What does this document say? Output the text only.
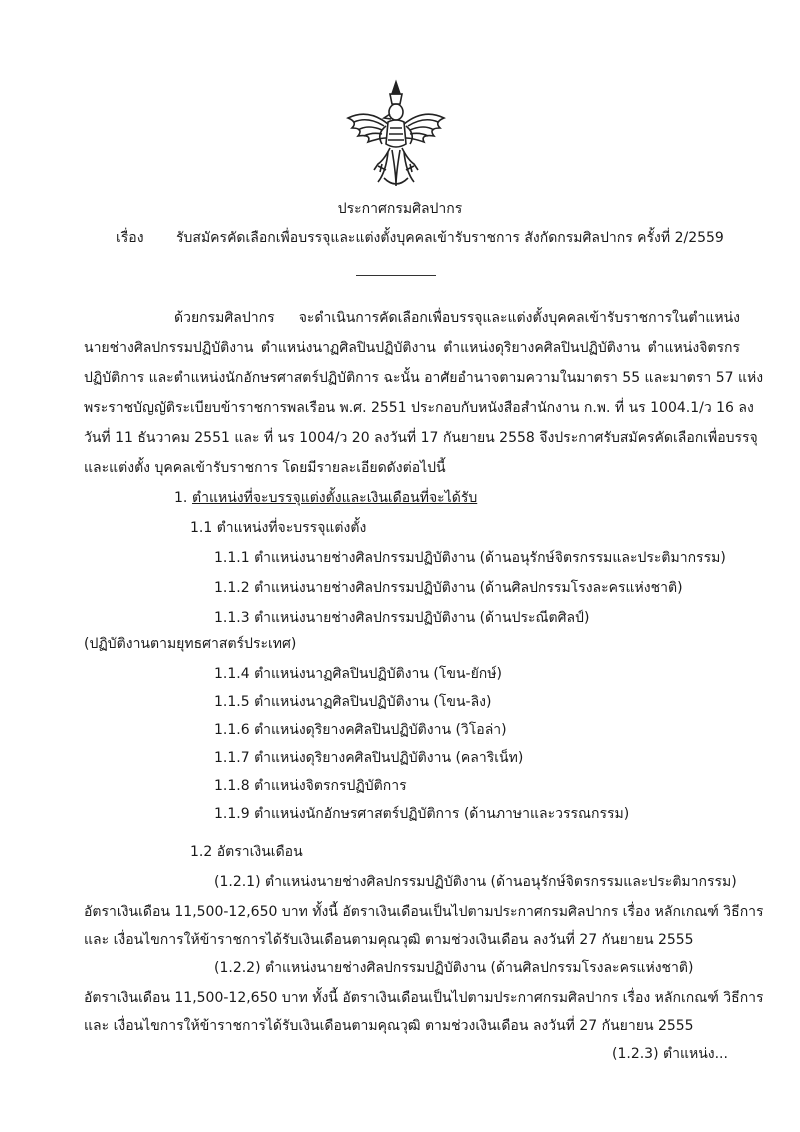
ประกาศกรมศิลปากร
เรื่อง รับสมัครคัดเลือกเพื่อบรรจุและแต่งตั้งบุคคลเข้ารับราชการ สังกัดกรมศิลปากร ครั้งที่ 2/2559
ด้วยกรมศิลปากร จะดำเนินการคัดเลือกเพื่อบรรจุและแต่งตั้งบุคคลเข้ารับราชการในตำแหน่ง
นายช่างศิลปกรรมปฏิบัติงาน ตำแหน่งนาฏศิลปินปฏิบัติงาน ตำแหน่งดุริยางคศิลปินปฏิบัติงาน ตำแหน่งจิตรกร
ปฏิบัติการ และตำแหน่งนักอักษรศาสตร์ปฏิบัติการ ฉะนั้น อาศัยอำนาจตามความในมาตรา 55 และมาตรา 57 แห่ง
พระราชบัญญัติระเบียบข้าราชการพลเรือน พ.ศ. 2551 ประกอบกับหนังสือสำนักงาน ก.พ. ที่ นร 1004.1/ว 16 ลง
วันที่ 11 ธันวาคม 2551 และ ที่ นร 1004/ว 20 ลงวันที่ 17 กันยายน 2558 จึงประกาศรับสมัครคัดเลือกเพื่อบรรจุ
และแต่งตั้ง บุคคลเข้ารับราชการ โดยมีรายละเอียดดังต่อไปนี้
1. ตำแหน่งที่จะบรรจุแต่งตั้งและเงินเดือนที่จะได้รับ
1.1 ตำแหน่งที่จะบรรจุแต่งตั้ง
1.1.1 ตำแหน่งนายช่างศิลปกรรมปฏิบัติงาน (ด้านอนุรักษ์จิตรกรรมและประติมากรรม)
1.1.2 ตำแหน่งนายช่างศิลปกรรมปฏิบัติงาน (ด้านศิลปกรรมโรงละครแห่งชาติ)
1.1.3 ตำแหน่งนายช่างศิลปกรรมปฏิบัติงาน (ด้านประณีตศิลป์)
(ปฏิบัติงานตามยุทธศาสตร์ประเทศ)
1.1.4 ตำแหน่งนาฏศิลปินปฏิบัติงาน (โขน-ยักษ์)
1.1.5 ตำแหน่งนาฏศิลปินปฏิบัติงาน (โขน-ลิง)
1.1.6 ตำแหน่งดุริยางคศิลปินปฏิบัติงาน (วิโอล่า)
1.1.7 ตำแหน่งดุริยางคศิลปินปฏิบัติงาน (คลาริเน็ท)
1.1.8 ตำแหน่งจิตรกรปฏิบัติการ
1.1.9 ตำแหน่งนักอักษรศาสตร์ปฏิบัติการ (ด้านภาษาและวรรณกรรม)
1.2 อัตราเงินเดือน
(1.2.1) ตำแหน่งนายช่างศิลปกรรมปฏิบัติงาน (ด้านอนุรักษ์จิตรกรรมและประติมากรรม)
อัตราเงินเดือน 11,500-12,650 บาท ทั้งนี้ อัตราเงินเดือนเป็นไปตามประกาศกรมศิลปากร เรื่อง หลักเกณฑ์ วิธีการ
และ เงื่อนไขการให้ข้าราชการได้รับเงินเดือนตามคุณวุฒิ ตามช่วงเงินเดือน ลงวันที่ 27 กันยายน 2555
(1.2.2) ตำแหน่งนายช่างศิลปกรรมปฏิบัติงาน (ด้านศิลปกรรมโรงละครแห่งชาติ)
อัตราเงินเดือน 11,500-12,650 บาท ทั้งนี้ อัตราเงินเดือนเป็นไปตามประกาศกรมศิลปากร เรื่อง หลักเกณฑ์ วิธีการ
และ เงื่อนไขการให้ข้าราชการได้รับเงินเดือนตามคุณวุฒิ ตามช่วงเงินเดือน ลงวันที่ 27 กันยายน 2555
(1.2.3) ตำแหน่ง...
